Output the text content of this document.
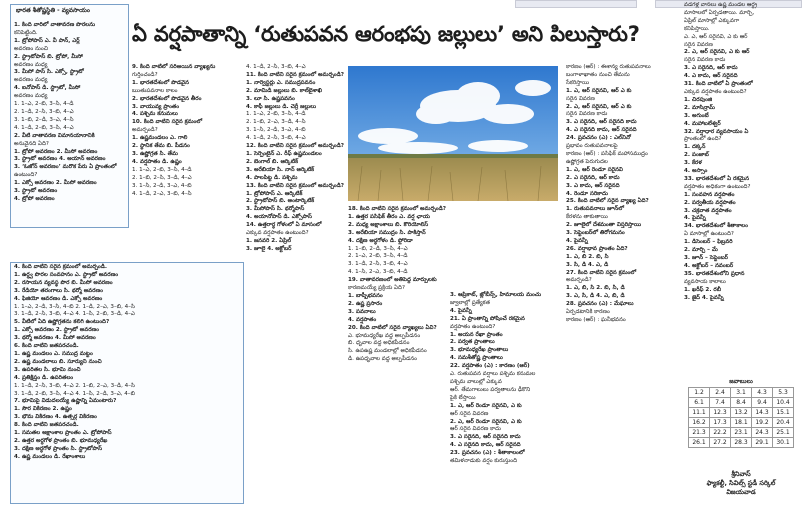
భారత శీతోష్ణస్థితి - వ్యవసాయం
ఏ వర్షపాతాన్ని ‘రుతుపవన ఆరంభపు జల్లులు’ అని పిలుస్తారు?

1. కింది వారిలో వాతావరణ పొరలను

కనిపెట్టింది.

1. ట్రోపోపాస్ ఎ. వీ పాన్, ఎర్ల్

అవరణం నుంచి

2. స్ట్రాటోపాస్ బి. ట్రోపో, మీసో

అవరణం మధ్య

3. మీసో పాస్ సి. ఎక్సో, స్ట్రాటో

అవరణం మధ్య

4. ఐనోపాస్ డి. స్ట్రాటో, మీసో

అవరణం మధ్య

1. 1–ఎ, 2–బి, 3–సి, 4–డి

2. 1–డి, 2–సి, 3–బి, 4–ఎ

3. 1–బి, 2–డి, 3–ఎ, 4–సి

4. 1–డి, 2–బి, 3–సి, 4–ఎ

2. వీటి వాతావరణ విమానయానానికి

అనువైనది ఏది?

1. ట్రోపో అవరణం 2. మీసో అవరణం

3. స్ట్రాటో అవరణం 4. అయాన్ అవరణం

3. ‘ఓజోన్ అవరణం’ మరొక పేరు ఏ ప్రాంతంలో

ఉంటుంది?

1. ఎక్సో అవరణం 2. మీసో అవరణం

3. స్ట్రాటో అవరణం

4. ట్రోపో అవరణం

4. కింది వాటిని సరైన క్రమంలో అమర్చండి.

1. ఉర్ధ్వ పొరల సంవహనం ఎ. స్ట్రాటో అవరణం

2. రసాయన వ్యవస్థ పొర బి. మీసో అవరణం

3. రేడియో తరంగాలు సి. థర్మో అవరణం

4. ఫిజియో ఆవరణం డి. ఎక్సో అవరణం

1. 1–ఎ, 2–డి, 3–సి, 4–బి 2. 1–డి, 2–ఎ, 3–బి, 4–సి

3. 1–డి, 2–సి, 3–బి, 4–ఎ 4. 1–సి, 2–బి, 3–డి, 4–ఎ

5. వీటిలో ఏది ఉష్ణోగ్రతను కలిగి ఉంటుంది?

1. ఎక్సో అవరణం 2. స్ట్రాటో అవరణం

3. థర్మో అవరణం 4. మీసో అవరణం

6. కింది వాటిని జతపరచండి.

1. ఉష్ణ మండలం ఎ. సముద్ర మట్టం

2. ఉష్ణ మండలాలు బి. సూర్యుని నుంచి

3. ఉపరితల సి. భూమి నుంచి

4. ప్రతిక్షిప్తం డి. ఉపరితలం

1. 1–డి, 2–సి, 3–బి, 4–ఎ 2. 1–బి, 2–ఎ, 3–డి, 4–సి

3. 1–డి, 2–బి, 3–సి, 4–ఎ 4. 1–సి, 2–డి, 3–ఎ, 4–బి

7. భూమిపై విడుదలయ్యే ఉష్ణాన్ని ఏమంటారు?

1. సౌర వికిరణం 2. ఉష్ణం

3. భౌమ వికిరణం 4. ఉత్సర్గ వికిరణం

8. కింది వాటిని జతపరచండి.

1. సమతల అక్షాంశాల ప్రాంతం ఎ. ట్రోపోపాస్

2. ఉత్తర అర్ధగోళ ప్రాంతం బి. భూమధ్యరేఖ

3. దక్షిణ అర్ధగోళ ప్రాంతం సి. స్ట్రాటోపాస్

4. ఉష్ణ మండలం డి. రేఖాంశాలు

9. కింది వాటిలో సరిఅయిన వ్యాఖ్యను

గుర్తించండి?

1. భారతదేశంలో పొడవైన

ఋతుపవనాల కాలం

2. భారతదేశంలో పొడవైన తీరం

3. వాయువ్య ప్రాంతం

4. పశ్చిమ కనుమలు

10. కింది వాటిని సరైన క్రమంలో

అమర్చండి?

1. ఉష్ణమండలం ఎ. గాలి

2. స్థానిక తేమ బి. పీడనం

3. ఉష్ణోగ్రత సి. తేమ

4. వర్షపాతం డి. ఉష్ణం

1. 1–ఎ, 2–బి, 3–సి, 4–డి

2. 1–బి, 2–సి, 3–డి, 4–ఎ

3. 1–సి, 2–డి, 3–ఎ, 4–బి

4. 1–డి, 2–ఎ, 3–బి, 4–సి

4. 1–డి, 2–సి, 3–బి, 4–ఎ

11. కింది వాటిని సరైన క్రమంలో అమర్చండి?

1. నార్వెస్టర్లు ఎ. సముద్రపవనం

2. మామిడి జల్లులు బి. కాల్‌బైశాఖి

3. లూ సి. ఉష్ణపవనం

4. కాఫీ జల్లులు డి. చెర్రీ జల్లులు

1. 1–ఎ, 2–బి, 3–సి, 4–డి

2. 1–బి, 2–ఎ, 3–డి, 4–సి

3. 1–సి, 2–డి, 3–ఎ, 4–బి

4. 1–డి, 2–సి, 3–బి, 4–ఎ

12. కింది వాటిని సరైన క్రమంలో అమర్చండి?

1. సెర్పెంటైన్ ఎ. రీఫ్ ఉష్ణమండలం

2. బెంగాల్ బి. ఆర్కిటిక్

3. అరేబియా సి. నాన్ ఆర్కిటిక్

4. పాలపిట్ట డి. పశ్చిమ

13. కింది వాటిని సరైన క్రమంలో అమర్చండి?

1. ట్రోపోపాస్ ఎ. ఆర్కిటిక్

2. స్ట్రాటోపాస్ బి. అంటార్కిటిక్

3. మీసోపాస్ సి. థర్మోపాస్

4. అయానోపాస్ డి. ఎక్సోపాస్

14. ఉత్తరార్ధ గోళంలో ఏ మాసంలో

ఎక్కువ వర్షపాతం ఉంటుంది?

1. జనవరి 2. ఏప్రిల్

3. జూలై 4. అక్టోబర్

18. కింది వాటిని సరైన క్రమంలో అమర్చండి?

1. ఉత్తర పసిఫిక్ తీరం ఎ. వర్ష ఛాయ

2. మధ్య అక్షాంశాలు బి. కొరియోలిస్

3. అరేబియా సముద్రం సి. పాకిస్తాన్

4. దక్షిణ అర్ధగోళం డి. ఫ్లోరిడా

1. 1–బి, 2–డి, 3–సి, 4–ఎ

2. 1–ఎ, 2–బి, 3–సి, 4–డి

3. 1–డి, 2–సి, 3–బి, 4–ఎ

4. 1–సి, 2–ఎ, 3–బి, 4–డి

19. వాతావరణంలో అతిపెద్ద మార్పులకు

కారణమయ్యే ప్రక్రియ ఏది?

1. బాష్పీభవనం

2. ఉష్ణ ప్రసారం

3. పవనాలు

4. వర్షపాతం

20. కింది వాటిలో సరైన వ్యాఖ్యలు ఏవి?

ఎ. భూమధ్యరేఖ వద్ద అల్పపీడనం

బి. ధృవాల వద్ద అధికపీడనం

సి. ఉపఉష్ణ మండలాల్లో అధికపీడనం

డి. ఉపధృవాల వద్ద అల్పపీడనం

3. ఆప్రికాట్, జ్లోబీన్స్, హిమాలయ మంచు

జ్వాలాల్లో ప్రత్యేకత

4. పైవన్నీ

21. ఏ ప్రాంతాన్ని పోషించే రకమైన

వర్షపాతం ఉంటుంది?

1. అయన రేఖా ప్రాంతం

2. పర్వత ప్రాంతాలు

3. భూమధ్యరేఖ ప్రాంతాలు

4. సమశీతోష్ణ ప్రాంతాలు

22. వర్షపాతం (ఎ) : కారణం (ఆర్)

ఎ. రుతుపవన వర్షాలు పశ్చిమ కనుమల

పశ్చిమ వాలుల్లో ఎక్కువ

ఆర్. తేమగాలులు పర్వతాలను ఢీకొని

పైకి లేస్తాయి

1. ఎ, ఆర్ రెండూ సరైనవి, ఎ కు

ఆర్ సరైన వివరణ

2. ఎ, ఆర్ రెండూ సరైనవి, ఎ కు

ఆర్ సరైన వివరణ కాదు

3. ఎ సరైనది, ఆర్ సరైనది కాదు

4. ఎ సరైనది కాదు, ఆర్ సరైనది

23. ప్రవచనం (ఎ) : శీతాకాలంలో

తమిళనాడుకు వర్షం కురుస్తుంది

కారణం (ఆర్) : ఈశాన్య రుతుపవనాలు

బంగాళాఖాతం నుంచి తేమను

సేకరిస్తాయి

1. ఎ, ఆర్ సరైనవి, ఆర్ ఎ కు

సరైన వివరణ

2. ఎ, ఆర్ సరైనవి, ఆర్ ఎ కు

సరైన వివరణ కాదు

3. ఎ సరైనది, ఆర్ సరైనది కాదు

4. ఎ సరైనది కాదు, ఆర్ సరైనది

24. ప్రవచనం (ఎ) : ఎల్‌నినో

ప్రభావం రుతుపవనాలపై

కారణం (ఆర్) : పసిఫిక్ మహాసముద్రం

ఉష్ణోగ్రత పెరుగుదల

1. ఎ, ఆర్ రెండూ సరైనవి

2. ఎ సరైనది, ఆర్ కాదు

3. ఎ కాదు, ఆర్ సరైనది

4. రెండూ సరికాదు

25. కింది వాటిలో సరైన వ్యాఖ్య ఏది?

1. రుతుపవనాలు జూన్‌లో

కేరళను తాకుతాయి

2. జూలైలో దేశమంతా విస్తరిస్తాయి

3. సెప్టెంబర్‌లో తిరోగమనం

4. పైవన్నీ

26. వర్షాభావ ప్రాంతం ఏది?

1. ఎ, బి 2. బి, సి

3. సి, డి 4. ఎ, డి

27. కింది వాటిని సరైన క్రమంలో

అమర్చండి?

1. ఎ, బి, సి 2. బి, సి, డి

3. ఎ, సి, డి 4. ఎ, బి, డి

28. ప్రవచనం (ఎ) : మేఘాలు

ఏర్పడటానికి కారణం

కారణం (ఆర్) : ఘనీభవనం

వడగళ్ల వానలు ఉష్ణ మండల ఆర్ధ్ర

మాసాలలో ఏర్పడతాయి. మార్చి,

ఏప్రిల్ మాసాల్లో ఎక్కువగా

కనిపిస్తాయి.

ఎ. ఎ, ఆర్ సరైనవి, ఎ కు ఆర్

సరైన వివరణ

2. ఎ, ఆర్ సరైనవి, ఎ కు ఆర్

సరైన వివరణ కాదు

3. ఎ సరైనది, ఆర్ కాదు

4. ఎ కాదు, ఆర్ సరైనది

31. కింది వాటిలో ఏ ప్రాంతంలో

ఎక్కువ వర్షపాతం ఉంటుంది?

1. చిరపుంజి

2. మాసిన్రామ్

3. అగుంబే

4. మహాబలేశ్వర్

32. వర్షాధార వ్యవసాయం ఏ

ప్రాంతంలో ఉంది?

1. దక్కన్

2. పంజాబ్

3. కేరళ

4. అస్సాం

33. భారతదేశంలో ఏ రకమైన

వర్షపాతం అధికంగా ఉంటుంది?

1. సంవహన వర్షపాతం

2. పర్వతీయ వర్షపాతం

3. చక్రవాత వర్షపాతం

4. పైవన్నీ

34. భారతదేశంలో శీతాకాలం

ఏ మాసాల్లో ఉంటుంది?

1. డిసెంబర్ – ఫిబ్రవరి

2. మార్చి – మే

3. జూన్ – సెప్టెంబర్

4. అక్టోబర్ – నవంబర్

35. భారతదేశంలోని ప్రధాన

వ్యవసాయ కాలాలు

1. ఖరీఫ్ 2. రబీ

3. జైద్ 4. పైవన్నీ

జవాబులు
1.2	2.4	3.1	4.3	5.3
6.1	7.4	8.4	9.4	10.4
11.1	12.3	13.2	14.3	15.1
16.2	17.3	18.1	19.2	20.4
21.3	22.2	23.1	24.3	25.1
26.1	27.2	28.3	29.1	30.1
శ్రీనివాస్
ఫ్యాకల్టీ, సివిల్స్ స్టడీ సర్కిల్
విజయవాడ
